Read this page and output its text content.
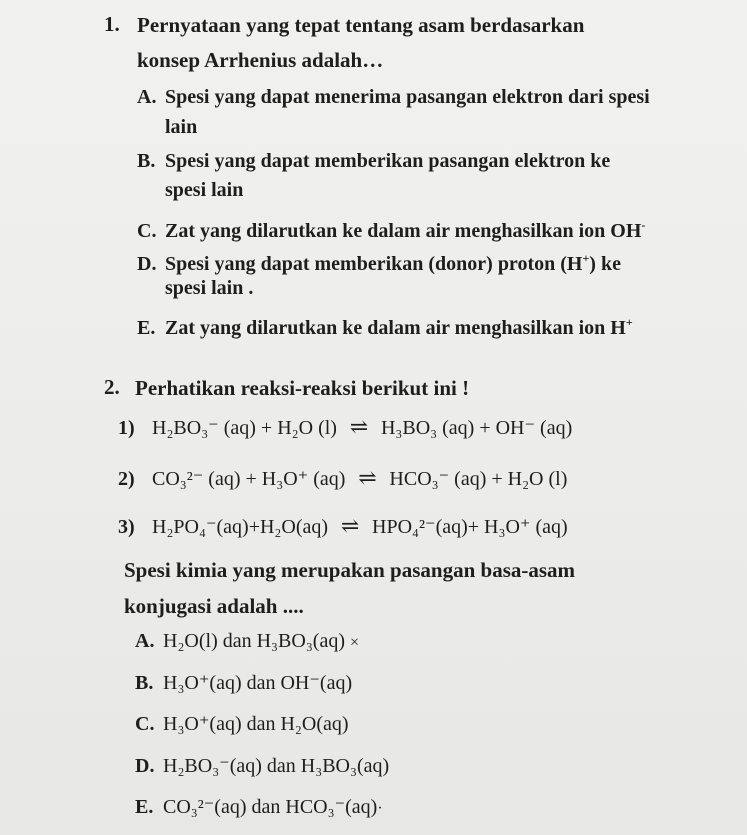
1. Pernyataan yang tepat tentang asam berdasarkan
konsep Arrhenius adalah…
A. Spesi yang dapat menerima pasangan elektron dari spesi
lain
B. Spesi yang dapat memberikan pasangan elektron ke
spesi lain
C. Zat yang dilarutkan ke dalam air menghasilkan ion OH-
D. Spesi yang dapat memberikan (donor) proton (H+) ke
spesi lain .
E. Zat yang dilarutkan ke dalam air menghasilkan ion H+
2. Perhatikan reaksi-reaksi berikut ini !
1) H₂BO₃⁻ (aq) + H₂O (l) ⇌ H₃BO₃ (aq) + OH⁻ (aq)
2) CO₃²⁻ (aq) + H₃O⁺ (aq) ⇌ HCO₃⁻ (aq) + H₂O (l)
3) H₂PO₄⁻(aq)+H₂O(aq) ⇌ HPO₄²⁻(aq)+ H₃O⁺ (aq)
Spesi kimia yang merupakan pasangan basa-asam
konjugasi adalah ....
A. H₂O(l) dan H₃BO₃(aq) ×
B. H₃O⁺(aq) dan OH⁻(aq)
C. H₃O⁺(aq) dan H₂O(aq)
D. H₂BO₃⁻(aq) dan H₃BO₃(aq)
E. CO₃²⁻(aq) dan HCO₃⁻(aq)·
